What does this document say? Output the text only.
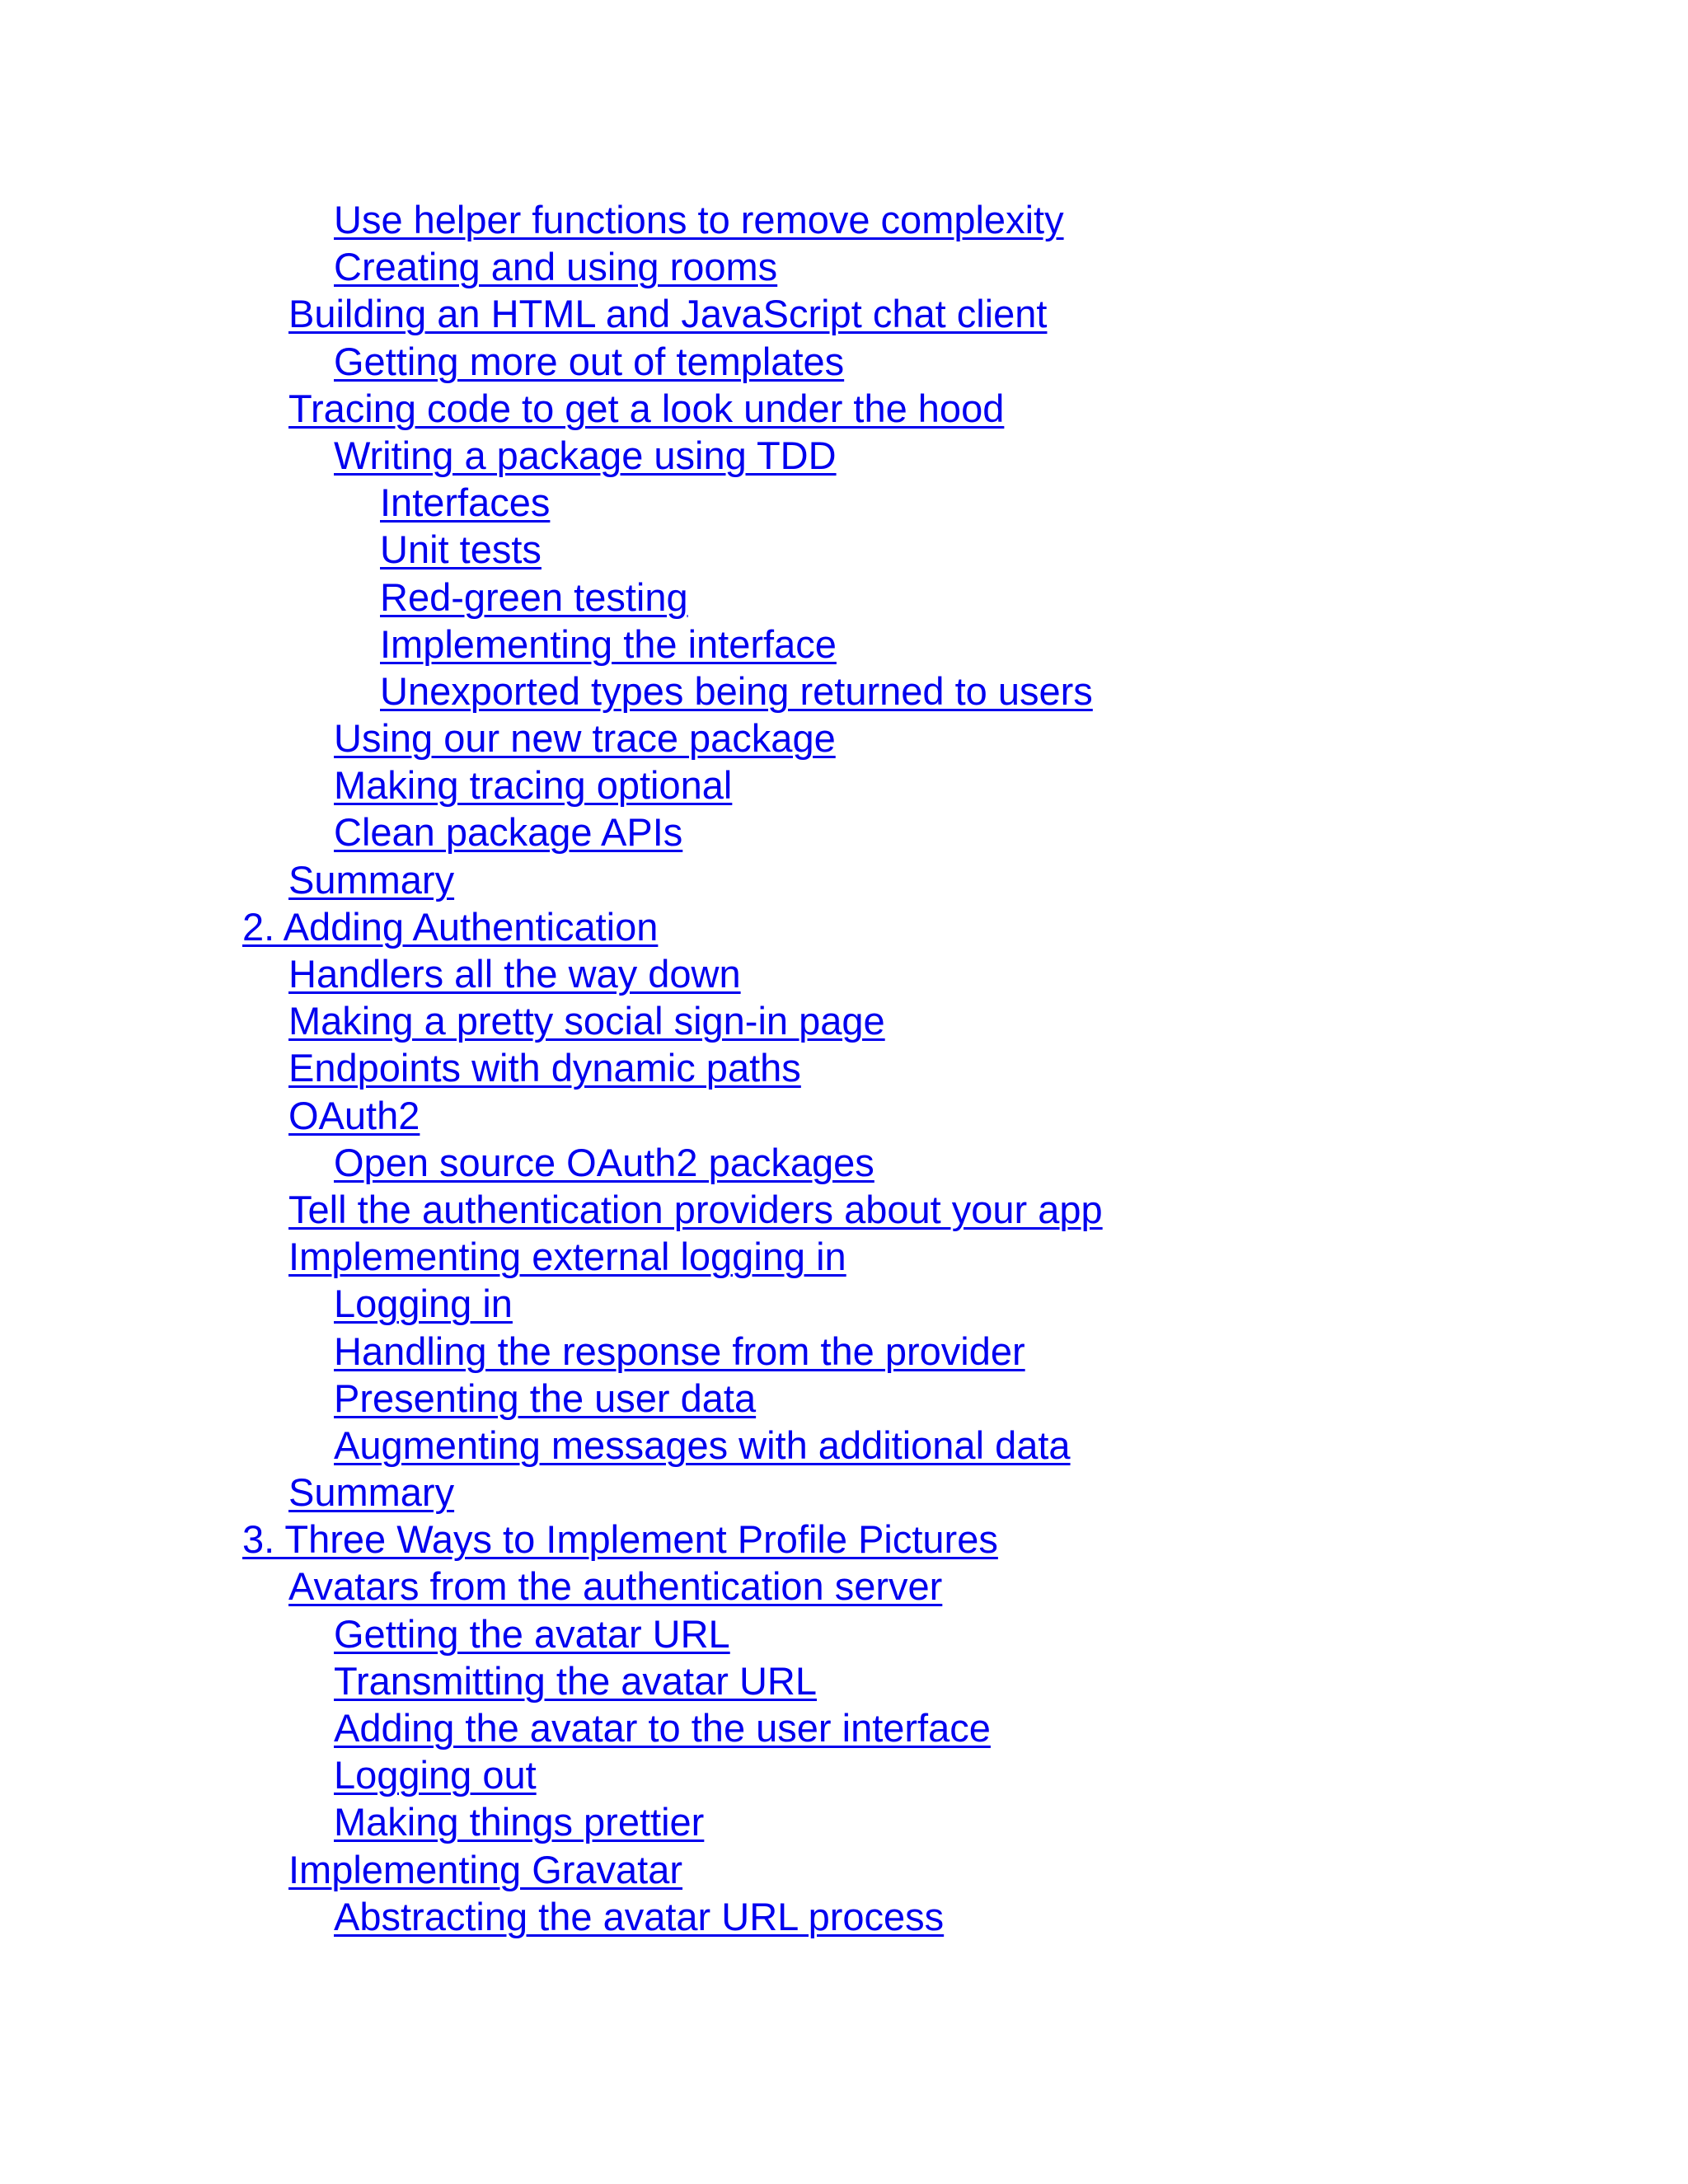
Use helper functions to remove complexity
Creating and using rooms
Building an HTML and JavaScript chat client
Getting more out of templates
Tracing code to get a look under the hood
Writing a package using TDD
Interfaces
Unit tests
Red-green testing
Implementing the interface
Unexported types being returned to users
Using our new trace package
Making tracing optional
Clean package APIs
Summary
2. Adding Authentication
Handlers all the way down
Making a pretty social sign-in page
Endpoints with dynamic paths
OAuth2
Open source OAuth2 packages
Tell the authentication providers about your app
Implementing external logging in
Logging in
Handling the response from the provider
Presenting the user data
Augmenting messages with additional data
Summary
3. Three Ways to Implement Profile Pictures
Avatars from the authentication server
Getting the avatar URL
Transmitting the avatar URL
Adding the avatar to the user interface
Logging out
Making things prettier
Implementing Gravatar
Abstracting the avatar URL process
